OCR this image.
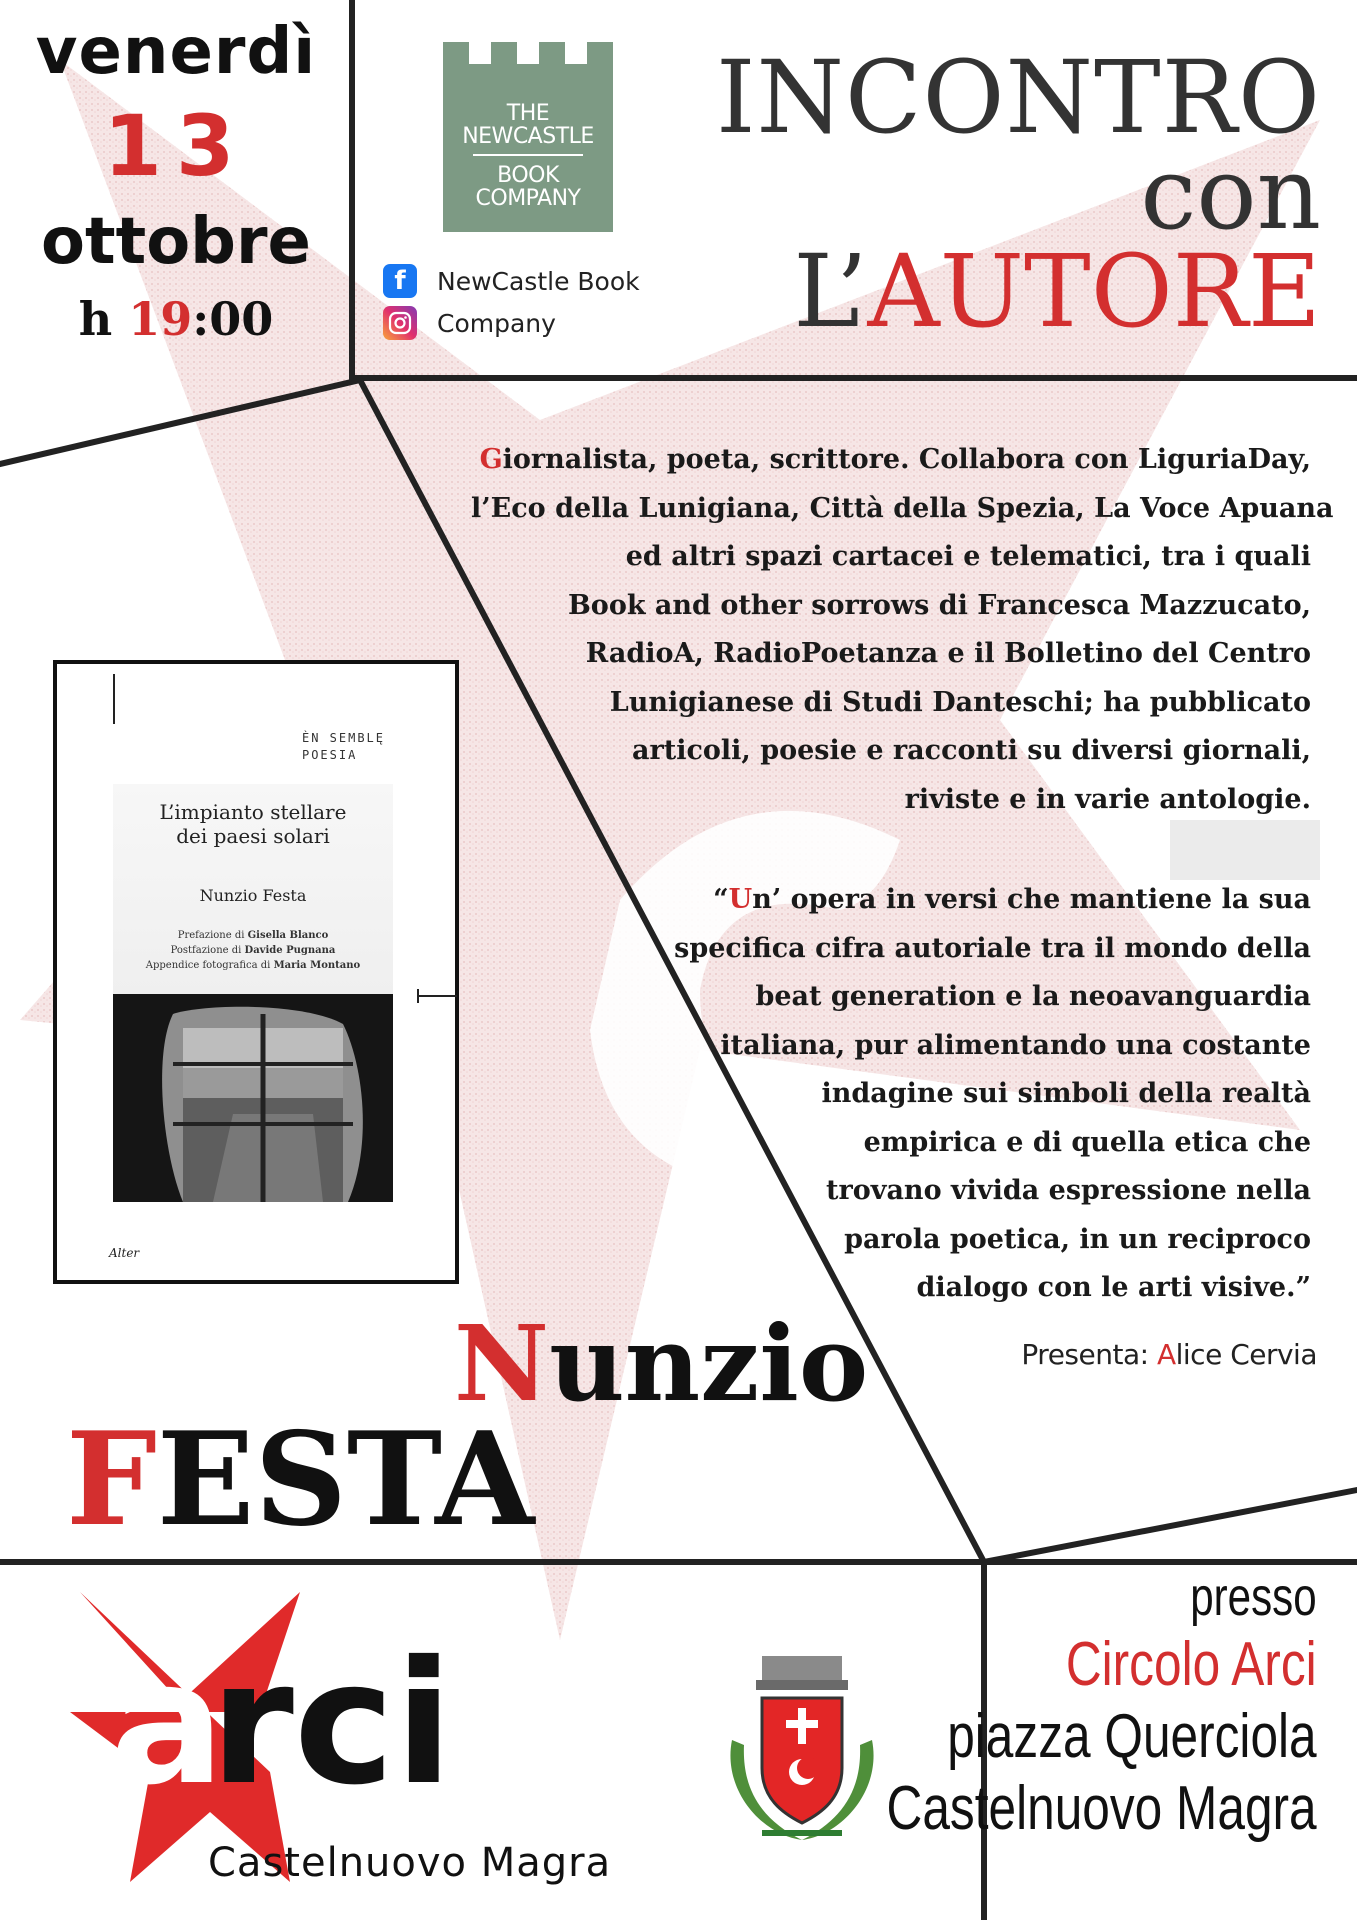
venerdì
13
ottobre
h 19:00
THE
NEWCASTLE
BOOK
COMPANY
f	NewCastle Book
Company
INCONTRO
con
L’AUTORE
Giornalista, poeta, scrittore. Collabora con LiguriaDay,
l’Eco della Lunigiana, Città della Spezia, La Voce Apuana
ed altri spazi cartacei e telematici, tra i quali
Book and other sorrows di Francesca Mazzucato,
RadioA, RadioPoetanza e il Bolletino del Centro
Lunigianese di Studi Danteschi; ha pubblicato
articoli, poesie e racconti su diversi giornali,
riviste e in varie antologie.
“Un’ opera in versi che mantiene la sua
specifica cifra autoriale tra il mondo della
beat generation e la neoavanguardia
italiana, pur alimentando una costante
indagine sui simboli della realtà
empirica e di quella etica che
trovano vivida espressione nella
parola poetica, in un reciproco
dialogo con le arti visive.”
Presenta: Alice Cervia
ÈN SEMBLĘ
POESIA
L’impianto stellare
dei paesi solari
Nunzio Festa
Prefazione di Gisella Blanco
Postfazione di Davide Pugnana
Appendice fotografica di Maria Montano
Alter
Nunzio
FESTA
a
rci
Castelnuovo Magra
presso
Circolo Arci
piazza Querciola
Castelnuovo Magra
